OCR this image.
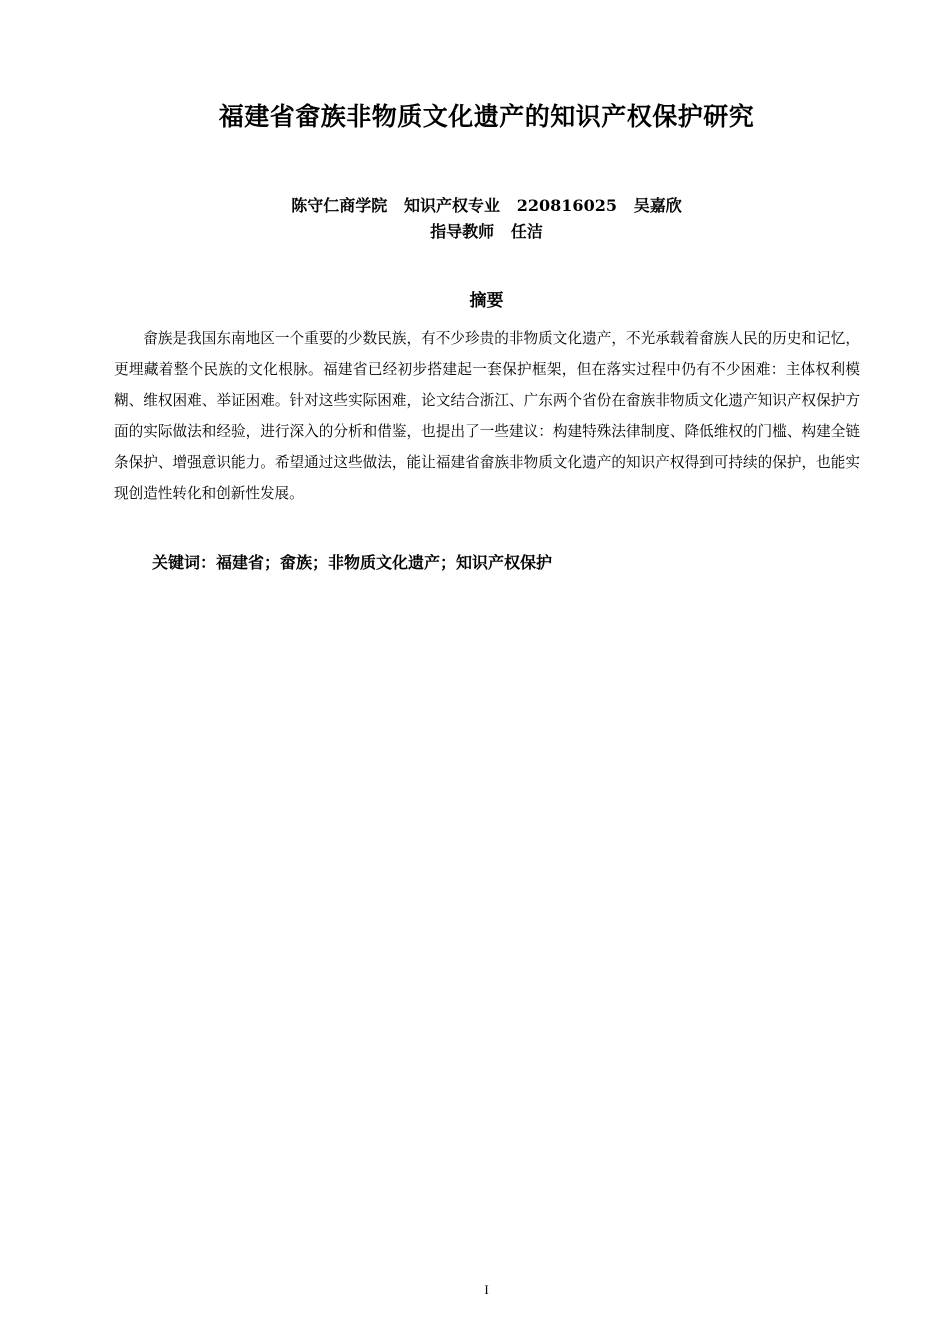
福建省畲族非物质文化遗产的知识产权保护研究
陈守仁商学院 知识产权专业 220816025 吴嘉欣
指导教师 任洁
摘要

畲族是我国东南地区一个重要的少数民族，有不少珍贵的非物质文化遗产，不光承载着畲族人民的历史和记忆，更埋藏着整个民族的文化根脉。福建省已经初步搭建起一套保护框架，但在落实过程中仍有不少困难：主体权利模糊、维权困难、举证困难。针对这些实际困难，论文结合浙江、广东两个省份在畲族非物质文化遗产知识产权保护方面的实际做法和经验，进行深入的分析和借鉴，也提出了一些建议：构建特殊法律制度、降低维权的门槛、构建全链条保护、增强意识能力。希望通过这些做法，能让福建省畲族非物质文化遗产的知识产权得到可持续的保护，也能实现创造性转化和创新性发展。

关键词：福建省；畲族；非物质文化遗产；知识产权保护
I
